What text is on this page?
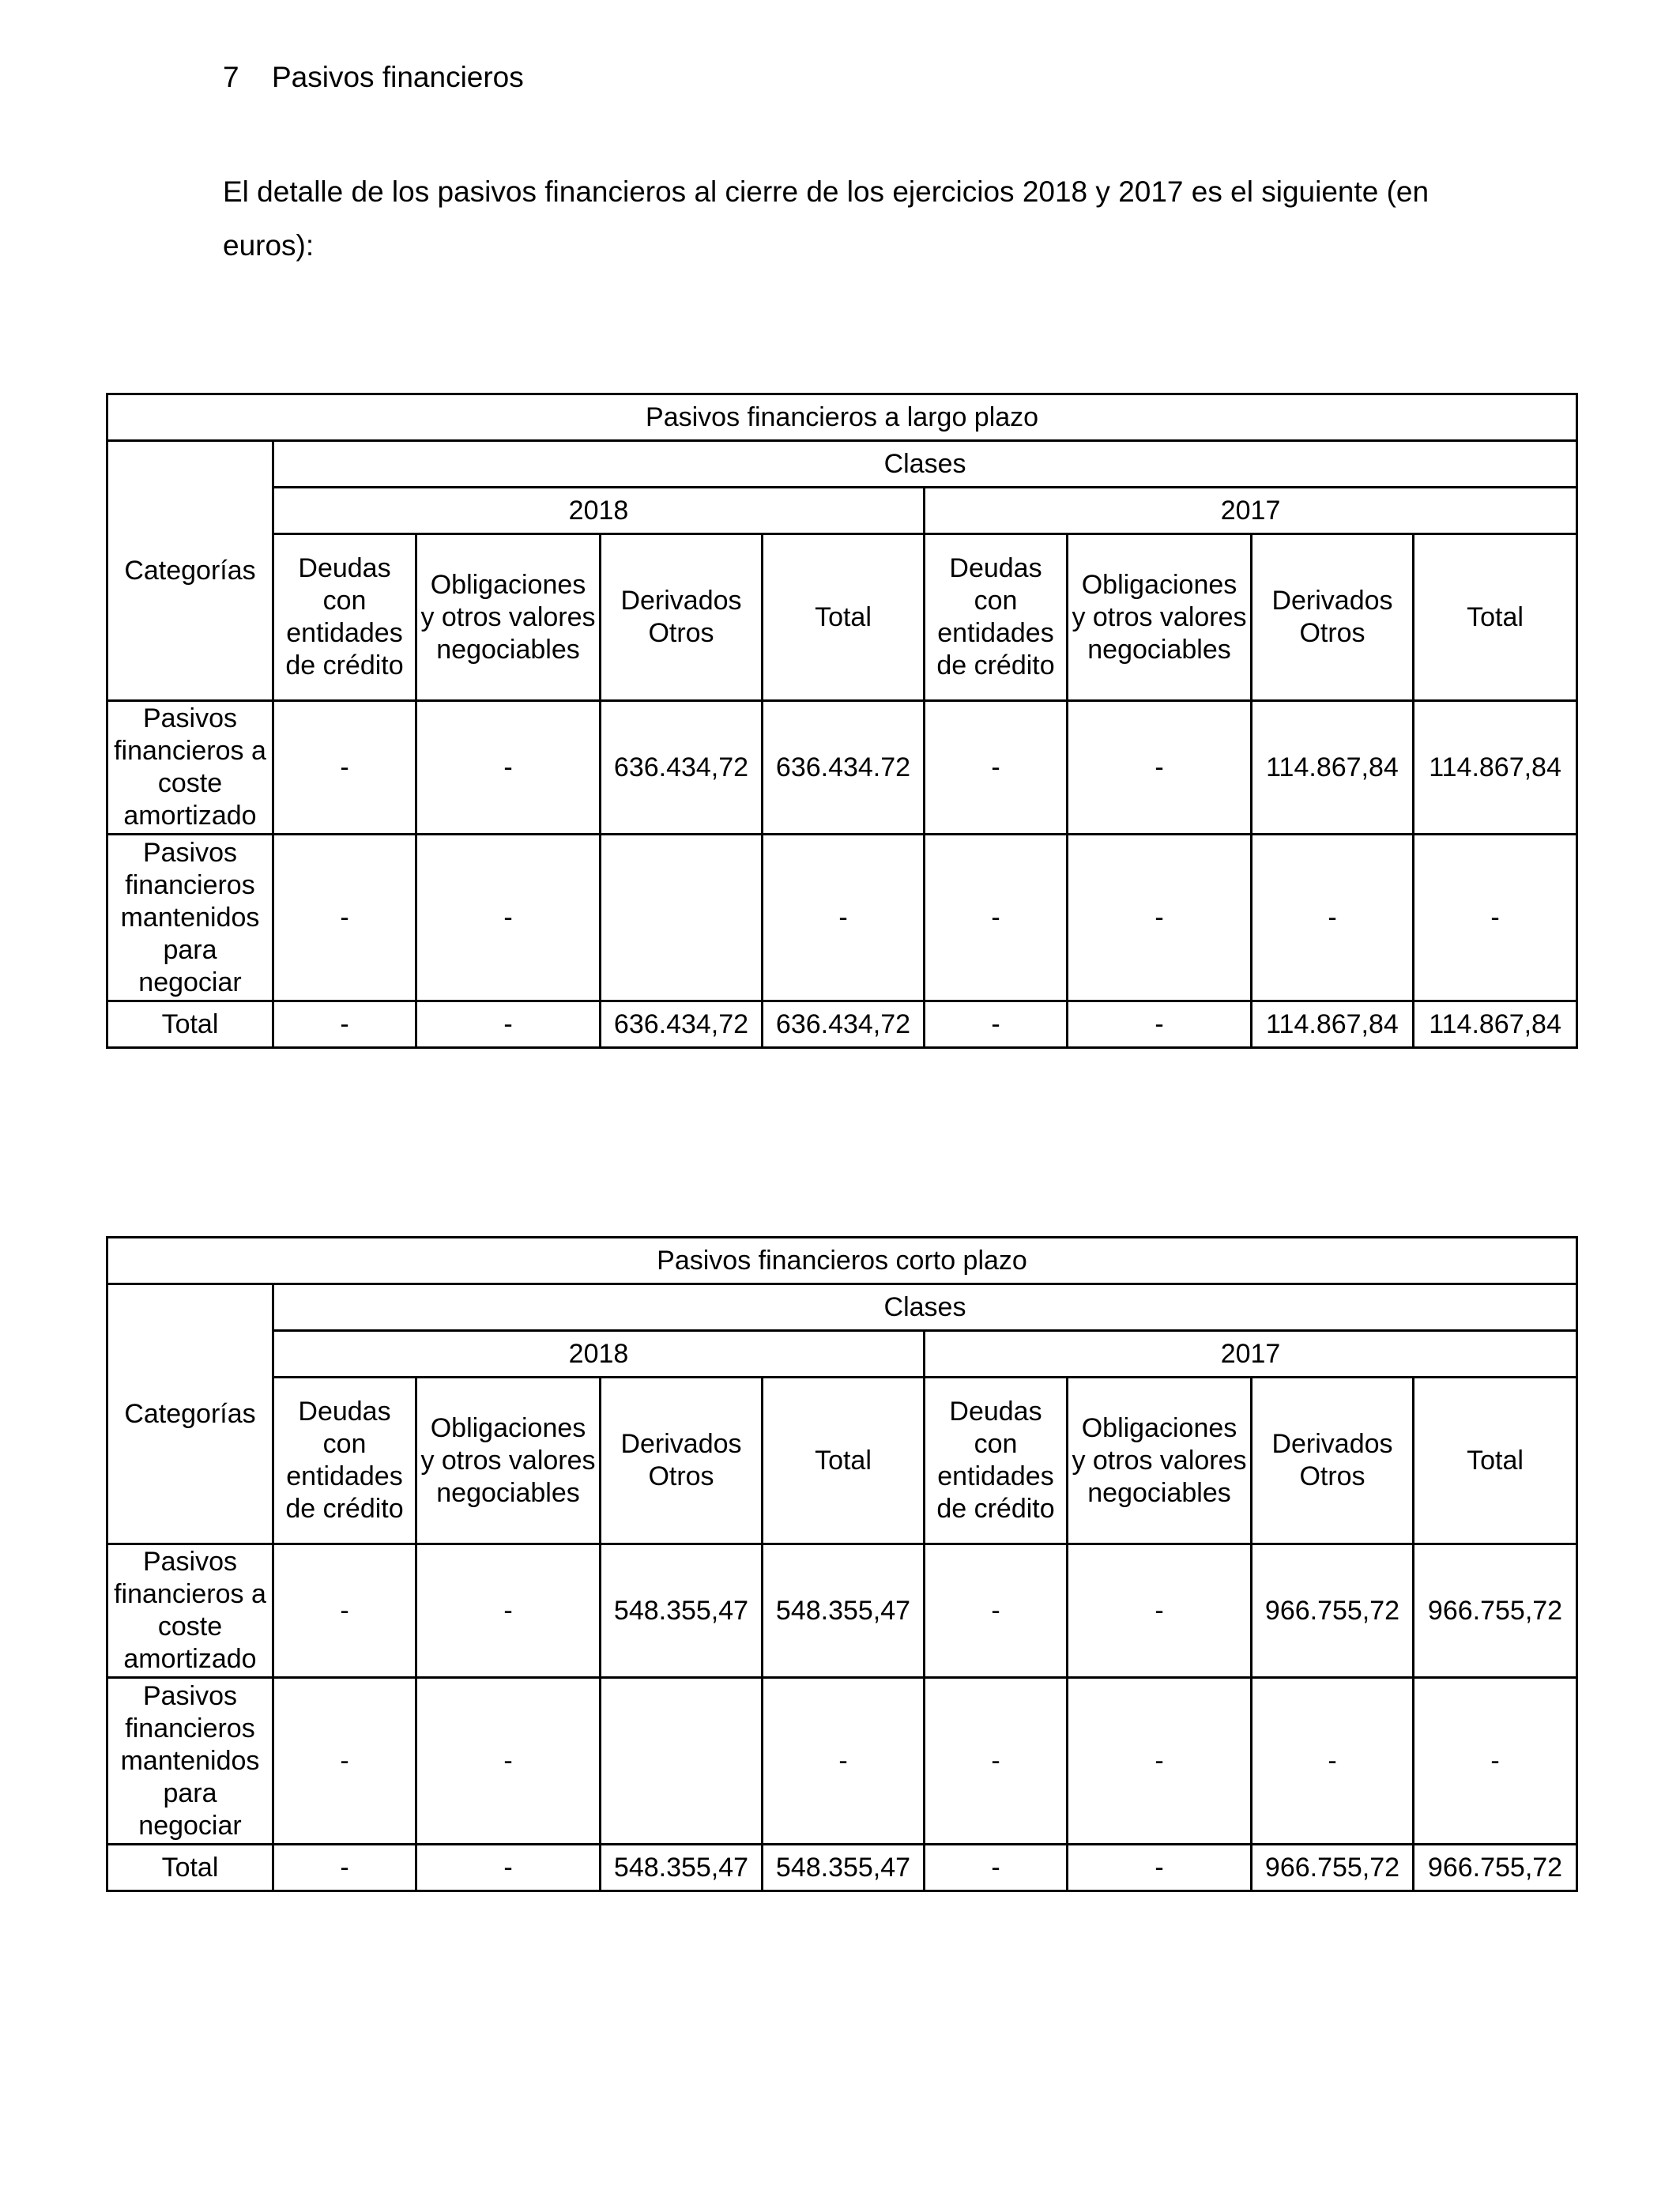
7 Pasivos financieros

El detalle de los pasivos financieros al cierre de los ejercicios 2018 y 2017 es el siguiente (en euros):

Pasivos financieros a largo plazo								
Categorías	Clases							
	2018				2017			
	Deudas con entidades de crédito	Obligaciones y otros valores negociables	Derivados Otros	Total	Deudas con entidades de crédito	Obligaciones y otros valores negociables	Derivados Otros	Total
Pasivos financieros a coste amortizado	-	-	636.434,72	636.434.72	-	-	114.867,84	114.867,84
Pasivos financieros mantenidos para negociar	-	-		-	-	-	-	-
Total	-	-	636.434,72	636.434,72	-	-	114.867,84	114.867,84
Pasivos financieros corto plazo								
Categorías	Clases							
	2018				2017			
	Deudas con entidades de crédito	Obligaciones y otros valores negociables	Derivados Otros	Total	Deudas con entidades de crédito	Obligaciones y otros valores negociables	Derivados Otros	Total
Pasivos financieros a coste amortizado	-	-	548.355,47	548.355,47	-	-	966.755,72	966.755,72
Pasivos financieros mantenidos para negociar	-	-		-	-	-	-	-
Total	-	-	548.355,47	548.355,47	-	-	966.755,72	966.755,72
